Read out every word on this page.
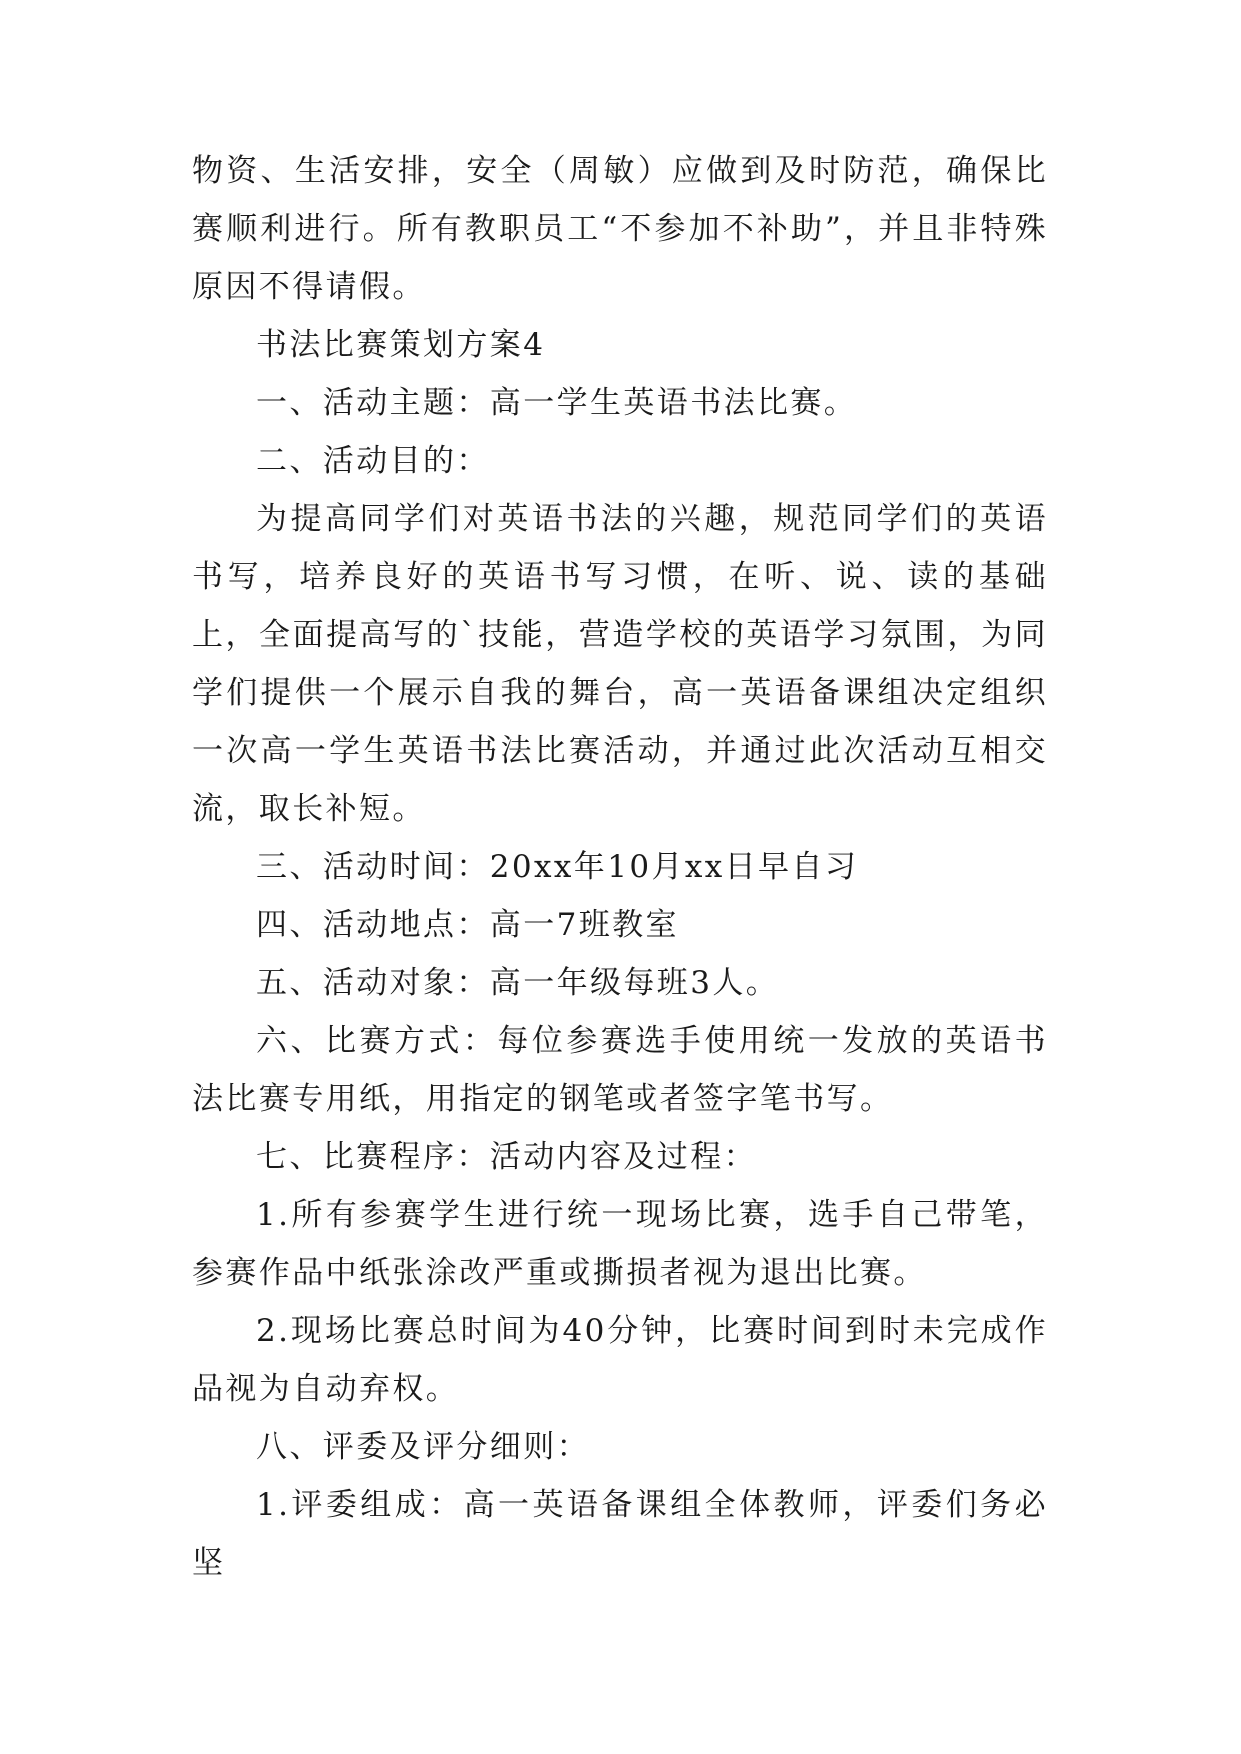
物资、生活安排，安全（周敏）应做到及时防范，确保比赛顺利进行。所有教职员工“不参加不补助”，并且非特殊原因不得请假。

书法比赛策划方案4

一、活动主题：高一学生英语书法比赛。

二、活动目的：

为提高同学们对英语书法的兴趣，规范同学们的英语书写，培养良好的英语书写习惯，在听、说、读的基础上，全面提高写的`技能，营造学校的英语学习氛围，为同学们提供一个展示自我的舞台，高一英语备课组决定组织一次高一学生英语书法比赛活动，并通过此次活动互相交流，取长补短。

三、活动时间：20xx年10月xx日早自习

四、活动地点：高一7班教室

五、活动对象：高一年级每班3人。

六、比赛方式：每位参赛选手使用统一发放的英语书法比赛专用纸，用指定的钢笔或者签字笔书写。

七、比赛程序：活动内容及过程：

1.所有参赛学生进行统一现场比赛，选手自己带笔，参赛作品中纸张涂改严重或撕损者视为退出比赛。

2.现场比赛总时间为40分钟，比赛时间到时未完成作品视为自动弃权。

八、评委及评分细则：

1.评委组成：高一英语备课组全体教师，评委们务必坚
